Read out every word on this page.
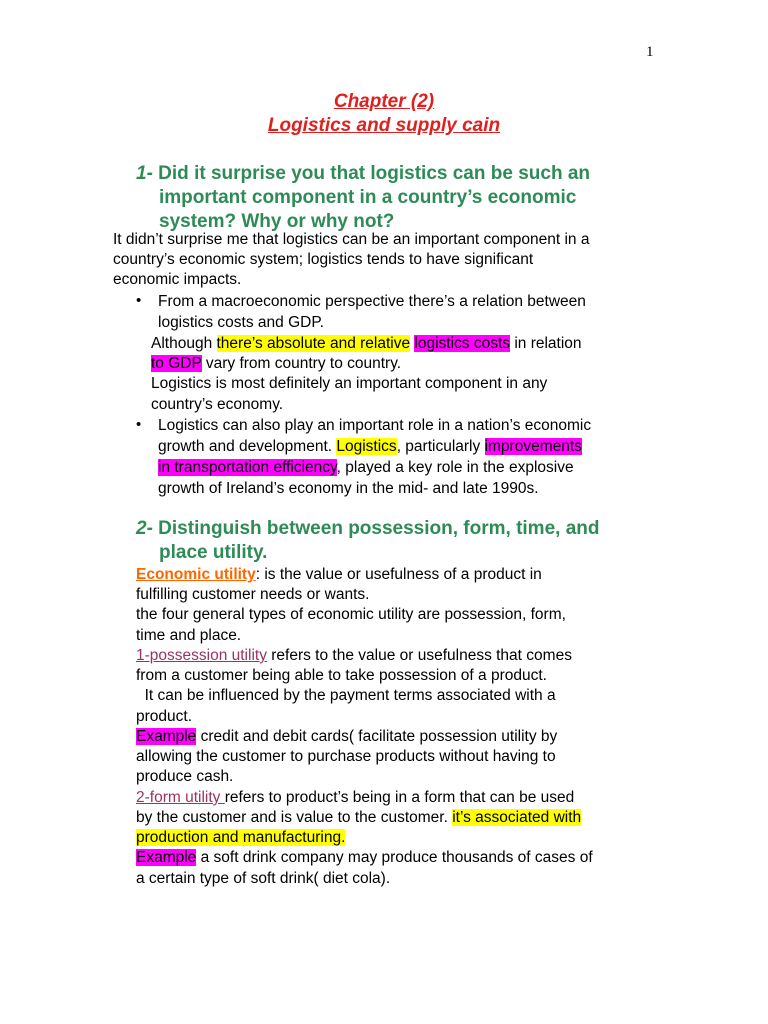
1
Chapter (2)
Logistics and supply cain
1- Did it surprise you that logistics can be such an
important component in a country’s economic
system? Why or why not?
It didn’t surprise me that logistics can be an important component in a
country’s economic system; logistics tends to have significant
economic impacts.
• From a macroeconomic perspective there’s a relation between
logistics costs and GDP.
Although there’s absolute and relative logistics costs in relation
to GDP vary from country to country.
Logistics is most definitely an important component in any
country’s economy.
• Logistics can also play an important role in a nation’s economic
growth and development. Logistics, particularly improvements
in transportation efficiency, played a key role in the explosive
growth of Ireland’s economy in the mid- and late 1990s.
2- Distinguish between possession, form, time, and
place utility.
Economic utility: is the value or usefulness of a product in
fulfilling customer needs or wants.
the four general types of economic utility are possession, form,
time and place.
1-possession utility refers to the value or usefulness that comes
from a customer being able to take possession of a product.
It can be influenced by the payment terms associated with a
product.
Example credit and debit cards( facilitate possession utility by
allowing the customer to purchase products without having to
produce cash.
2-form utility refers to product’s being in a form that can be used
by the customer and is value to the customer. it’s associated with
production and manufacturing.
Example a soft drink company may produce thousands of cases of
a certain type of soft drink( diet cola).
